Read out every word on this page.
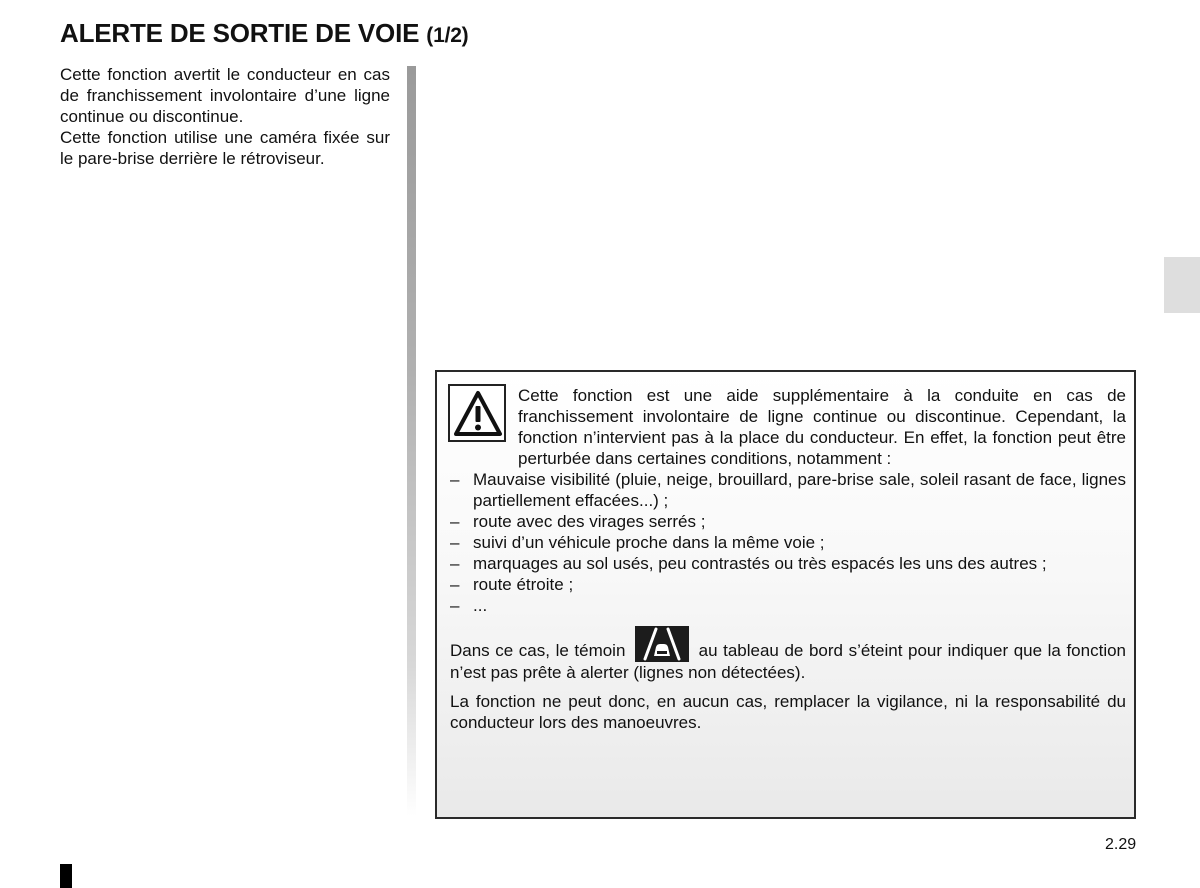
ALERTE DE SORTIE DE VOIE (1/2)

Cette fonction avertit le conducteur en cas de franchissement involontaire d’une ligne continue ou discontinue.

Cette fonction utilise une caméra fixée sur le pare-brise derrière le rétroviseur.

Cette fonction est une aide supplémentaire à la conduite en cas de franchissement involontaire de ligne continue ou discontinue. Cependant, la fonction n’intervient pas à la place du conducteur. En effet, la fonction peut être perturbée dans certaines conditions, notamment :

– Mauvaise visibilité (pluie, neige, brouillard, pare-brise sale, soleil rasant de face, lignes partiellement effacées...) ;
– route avec des virages serrés ;
– suivi d’un véhicule proche dans la même voie ;
– marquages au sol usés, peu contrastés ou très espacés les uns des autres ;
– route étroite ;
– ...

Dans ce cas, le témoin	au tableau de bord s’éteint pour indiquer que la fonction n’est pas prête à alerter (lignes non détectées).

La fonction ne peut donc, en aucun cas, remplacer la vigilance, ni la responsabilité du conducteur lors des manoeuvres.

2.29
